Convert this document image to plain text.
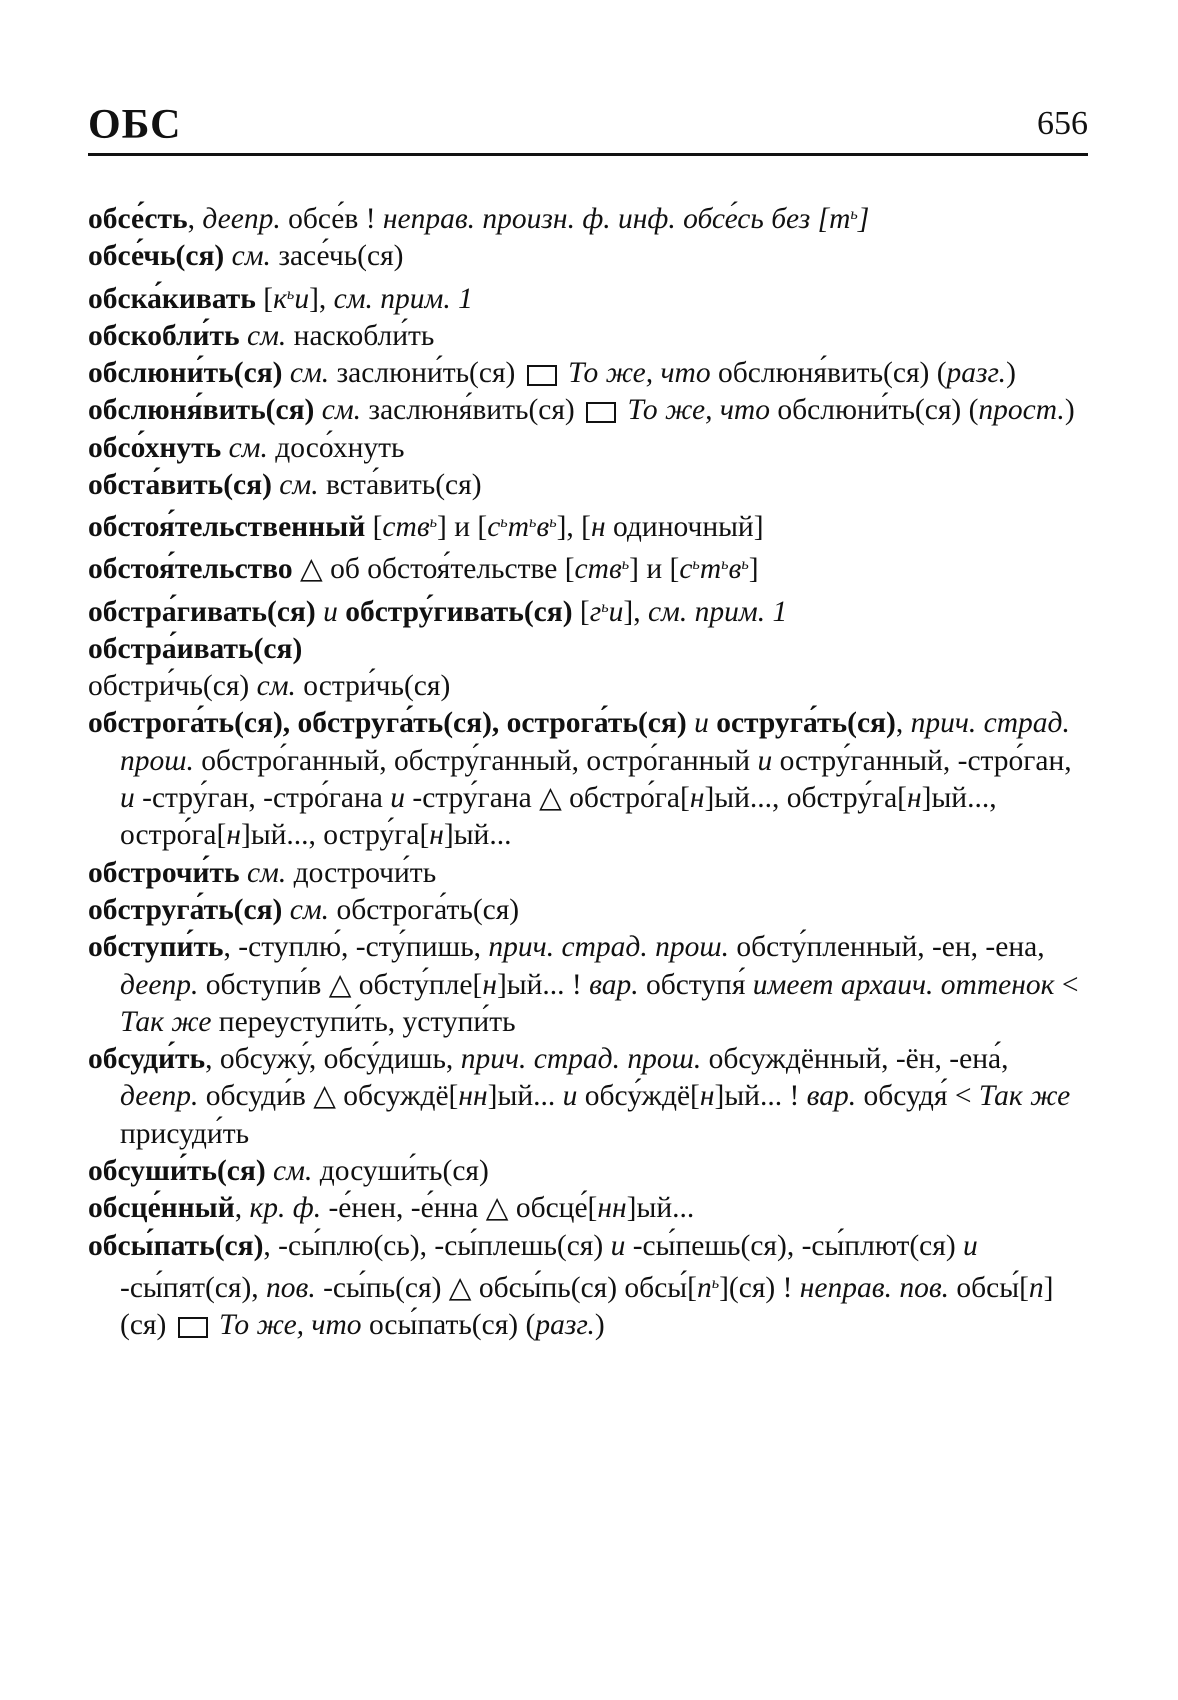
ОБС	656

обсе́сть, деепр. обсе́в ! неправ. произн. ф. инф. обсе́сь без $[т^ь]$

обсе́чь(ся) см. засе́чь(ся)

обска́кивать $[к^ьи]$, см. прим. 1

обскобли́ть см. наскобли́ть

обслюни́ть(ся) см. заслюни́ть(ся)  То же, что обслюня́вить(ся) (разг.)

обслюня́вить(ся) см. заслюня́вить(ся)  То же, что обслюни́ть(ся) (прост.)

обсо́хнуть см. досо́хнуть

обста́вить(ся) см. вста́вить(ся)

обстоя́тельственный [ств$^ь$] и $[с^ьт^ьв^ь]$, [н одиночный]

обстоя́тельство △ об обстоя́тельстве [ств$^ь$] и $[с^ьт^ьв^ь]$

обстра́гивать(ся) и обстру́гивать(ся) $[г^ьи]$, см. прим. 1

обстра́ивать(ся)

обстри́чь(ся) см. остри́чь(ся)

обстрога́ть(ся), обструга́ть(ся), острога́ть(ся) и оструга́ть(ся), прич. страд. прош. обстро́ганный, обстру́ганный, остро́ганный и остру́ганный, -стро́ган, и -стру́ган, -стро́гана и -стру́гана △ обстро́га[н]ый..., обстру́га[н]ый..., остро́га[н]ый..., остру́га[н]ый...

обстрочи́ть см. дострочи́ть

обструга́ть(ся) см. обстрога́ть(ся)

обступи́ть, -ступлю́, -сту́пишь, прич. страд. прош. обсту́пленный, -ен, -ена, деепр. обступи́в △ обсту́пле[н]ый... ! вар. обступя́ имеет архаич. оттенок < Так же переуступи́ть, уступи́ть

обсуди́ть, обсужу́, обсу́дишь, прич. страд. прош. обсуждённый, -ён, -ена́, деепр. обсуди́в △ обсуждё[нн]ый... и обсу́ждё[н]ый... ! вар. обсудя́ < Так же присуди́ть

обсуши́ть(ся) см. досуши́ть(ся)

обсце́нный, кр. ф. -е́нен, -е́нна △ обсце́[нн]ый...

обсы́пать(ся), -сы́плю(сь), -сы́плешь(ся) и -сы́пешь(ся), -сы́плют(ся) и -сы́пят(ся), пов. -сы́пь(ся) △ обсы́пь(ся) $обсы́[п^ь](ся)$ ! неправ. пов. обсы́[п](ся)  То же, что осы́пать(ся) (разг.)
